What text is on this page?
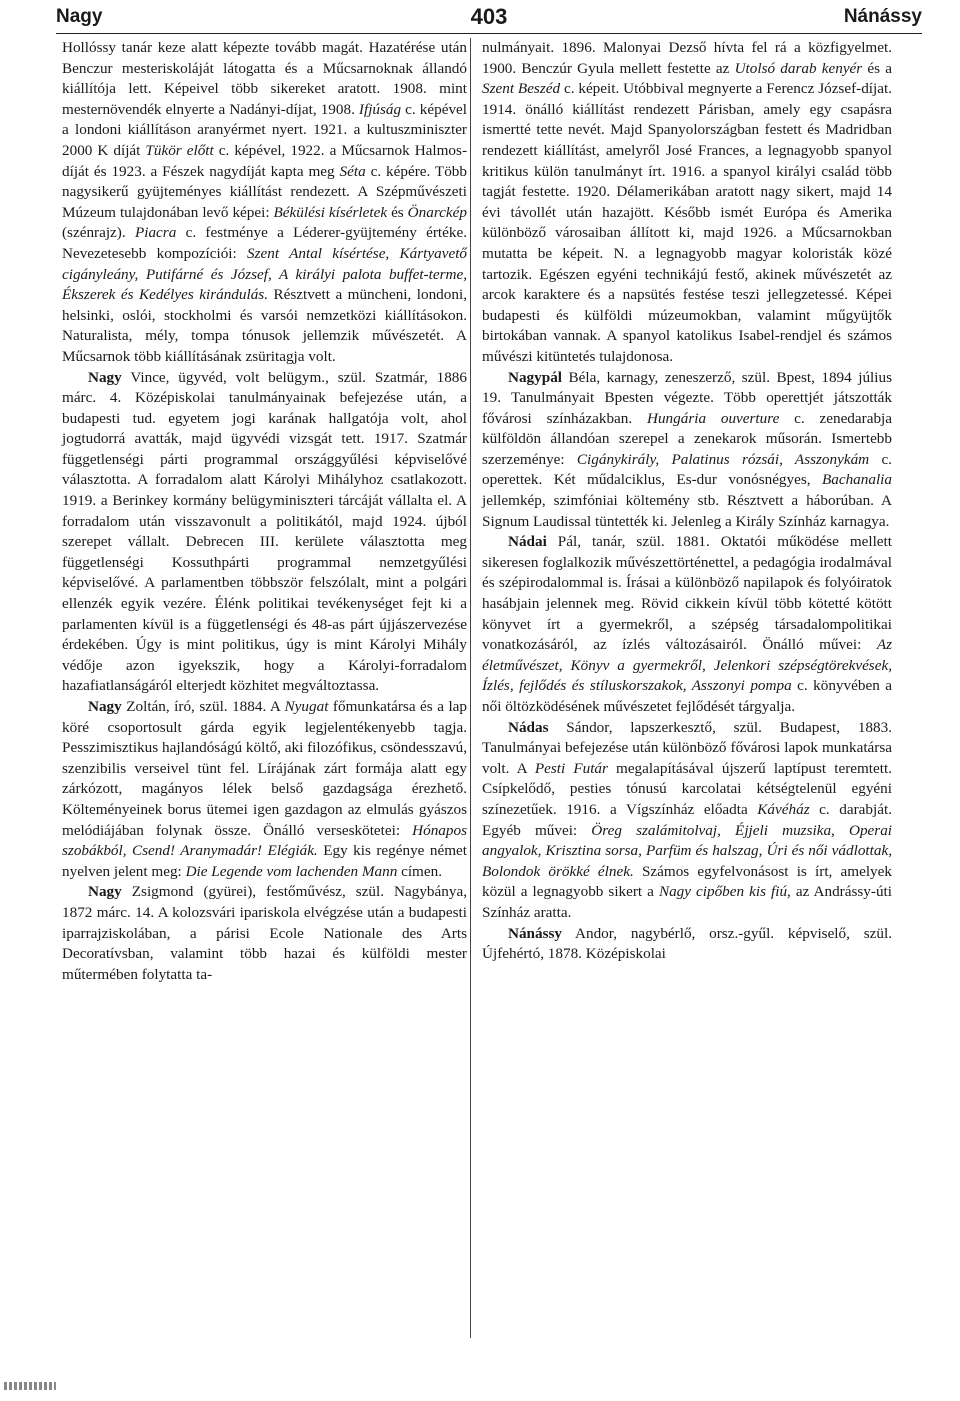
Nagy	403	Nánássy

Hollóssy tanár keze alatt képezte tovább magát. Hazatérése után Benczur mesteriskoláját látogatta és a Műcsarnoknak állandó kiállítója lett. Képeivel több sikereket aratott. 1908. mint mesternövendék elnyerte a Nadányi-díjat, 1908. Ifjúság c. képével a londoni kiállításon aranyérmet nyert. 1921. a kultuszminiszter 2000 K díját Tükör előtt c. képével, 1922. a Műcsarnok Halmos-díját és 1923. a Fészek nagydíját kapta meg Séta c. képére. Több nagysikerű gyüjteményes kiállítást rendezett. A Szépművészeti Múzeum tulajdonában levő képei: Békülési kísérletek és Önarckép (szénrajz). Piacra c. festménye a Léderer-gyüjtemény értéke. Nevezetesebb kompozíciói: Szent Antal kísértése, Kártyavető cigányleány, Putifárné és József, A királyi palota buffet-terme, Ékszerek és Kedélyes kirándulás. Résztvett a müncheni, londoni, helsinki, oslói, stockholmi és varsói nemzetközi kiállításokon. Naturalista, mély, tompa tónusok jellemzik művészetét. A Műcsarnok több kiállításának zsüritagja volt.

Nagy Vince, ügyvéd, volt belügym., szül. Szatmár, 1886 márc. 4. Középiskolai tanulmányainak befejezése után, a budapesti tud. egyetem jogi karának hallgatója volt, ahol jogtudorrá avatták, majd ügyvédi vizsgát tett. 1917. Szatmár függetlenségi párti programmal országgyűlési képviselővé választotta. A forradalom alatt Károlyi Mihályhoz csatlakozott. 1919. a Berinkey kormány belügyminiszteri tárcáját vállalta el. A forradalom után visszavonult a politikától, majd 1924. újból szerepet vállalt. Debrecen III. kerülete választotta meg függetlenségi Kossuthpárti programmal nemzetgyűlési képviselővé. A parlamentben többször felszólalt, mint a polgári ellenzék egyik vezére. Élénk politikai tevékenységet fejt ki a parlamenten kívül is a függetlenségi és 48-as párt újjászervezése érdekében. Úgy is mint politikus, úgy is mint Károlyi Mihály védője azon igyekszik, hogy a Károlyi-forradalom hazafiatlanságáról elterjedt közhitet megváltoztassa.

Nagy Zoltán, író, szül. 1884. A Nyugat főmunkatársa és a lap köré csoportosult gárda egyik legjelentékenyebb tagja. Pesszimisztikus hajlandóságú költő, aki filozófikus, csöndesszavú, szenzibilis verseivel tünt fel. Lírájának zárt formája alatt egy zárkózott, magányos lélek belső gazdagsága érezhető. Költeményeinek borus ütemei igen gazdagon az elmulás gyászos melódiájában folynak össze. Önálló verseskötetei: Hónapos szobákból, Csend! Aranymadár! Elégiák. Egy kis regénye német nyelven jelent meg: Die Legende vom lachenden Mann címen.

Nagy Zsigmond (gyürei), festőművész, szül. Nagybánya, 1872 márc. 14. A kolozsvári ipariskola elvégzése után a budapesti iparrajziskolában, a párisi Ecole Nationale des Arts Decoratívsban, valamint több hazai és külföldi mester műtermében folytatta ta-

nulmányait. 1896. Malonyai Dezső hívta fel rá a közfigyelmet. 1900. Benczúr Gyula mellett festette az Utolsó darab kenyér és a Szent Beszéd c. képeit. Utóbbival megnyerte a Ferencz József-díjat. 1914. önálló kiállítást rendezett Párisban, amely egy csapásra ismertté tette nevét. Majd Spanyolországban festett és Madridban rendezett kiállítást, amelyről José Frances, a legnagyobb spanyol kritikus külön tanulmányt írt. 1916. a spanyol királyi család több tagját festette. 1920. Délamerikában aratott nagy sikert, majd 14 évi távollét után hazajött. Később ismét Európa és Amerika különböző városaiban állított ki, majd 1926. a Műcsarnokban mutatta be képeit. N. a legnagyobb magyar koloristák közé tartozik. Egészen egyéni technikájú festő, akinek művészetét az arcok karaktere és a napsütés festése teszi jellegzetessé. Képei budapesti és külföldi múzeumokban, valamint műgyüjtők birtokában vannak. A spanyol katolikus Isabel-rendjel és számos művészi kitüntetés tulajdonosa.

Nagypál Béla, karnagy, zeneszerző, szül. Bpest, 1894 július 19. Tanulmányait Bpesten végezte. Több operettjét játszották fővárosi színházakban. Hungária ouverture c. zenedarabja külföldön állandóan szerepel a zenekarok műsorán. Ismertebb szerzeménye: Cigánykirály, Palatinus rózsái, Asszonykám c. operettek. Két műdalciklus, Es-dur vonósnégyes, Bachanalia jellemkép, szimfóniai költemény stb. Résztvett a háborúban. A Signum Laudissal tüntették ki. Jelenleg a Király Színház karnagya.

Nádai Pál, tanár, szül. 1881. Oktatói működése mellett sikeresen foglalkozik művészettörténettel, a pedagógia irodalmával és szépirodalommal is. Írásai a különböző napilapok és folyóiratok hasábjain jelennek meg. Rövid cikkein kívül több kötetté kötött könyvet írt a gyermekről, a szépség társadalompolitikai vonatkozásáról, az ízlés változásairól. Önálló művei: Az életművészet, Könyv a gyermekről, Jelenkori szépségtörekvések, Ízlés, fejlődés és stíluskorszakok, Asszonyi pompa c. könyvében a női öltözködésének művészetet fejlődését tárgyalja.

Nádas Sándor, lapszerkesztő, szül. Budapest, 1883. Tanulmányai befejezése után különböző fővárosi lapok munkatársa volt. A Pesti Futár megalapításával újszerű laptípust teremtett. Csípkelődő, pesties tónusú karcolatai kétségtelenül egyéni színezetűek. 1916. a Vígszínház előadta Kávéház c. darabját. Egyéb művei: Öreg szalámitolvaj, Éjjeli muzsika, Operai angyalok, Krisztina sorsa, Parfüm és halszag, Úri és női vádlottak, Bolondok örökké élnek. Számos egyfelvonásost is írt, amelyek közül a legnagyobb sikert a Nagy cipőben kis fiú, az Andrássy-úti Színház aratta.

Nánássy Andor, nagybérlő, orsz.-gyűl. képviselő, szül. Újfehértó, 1878. Középiskolai
